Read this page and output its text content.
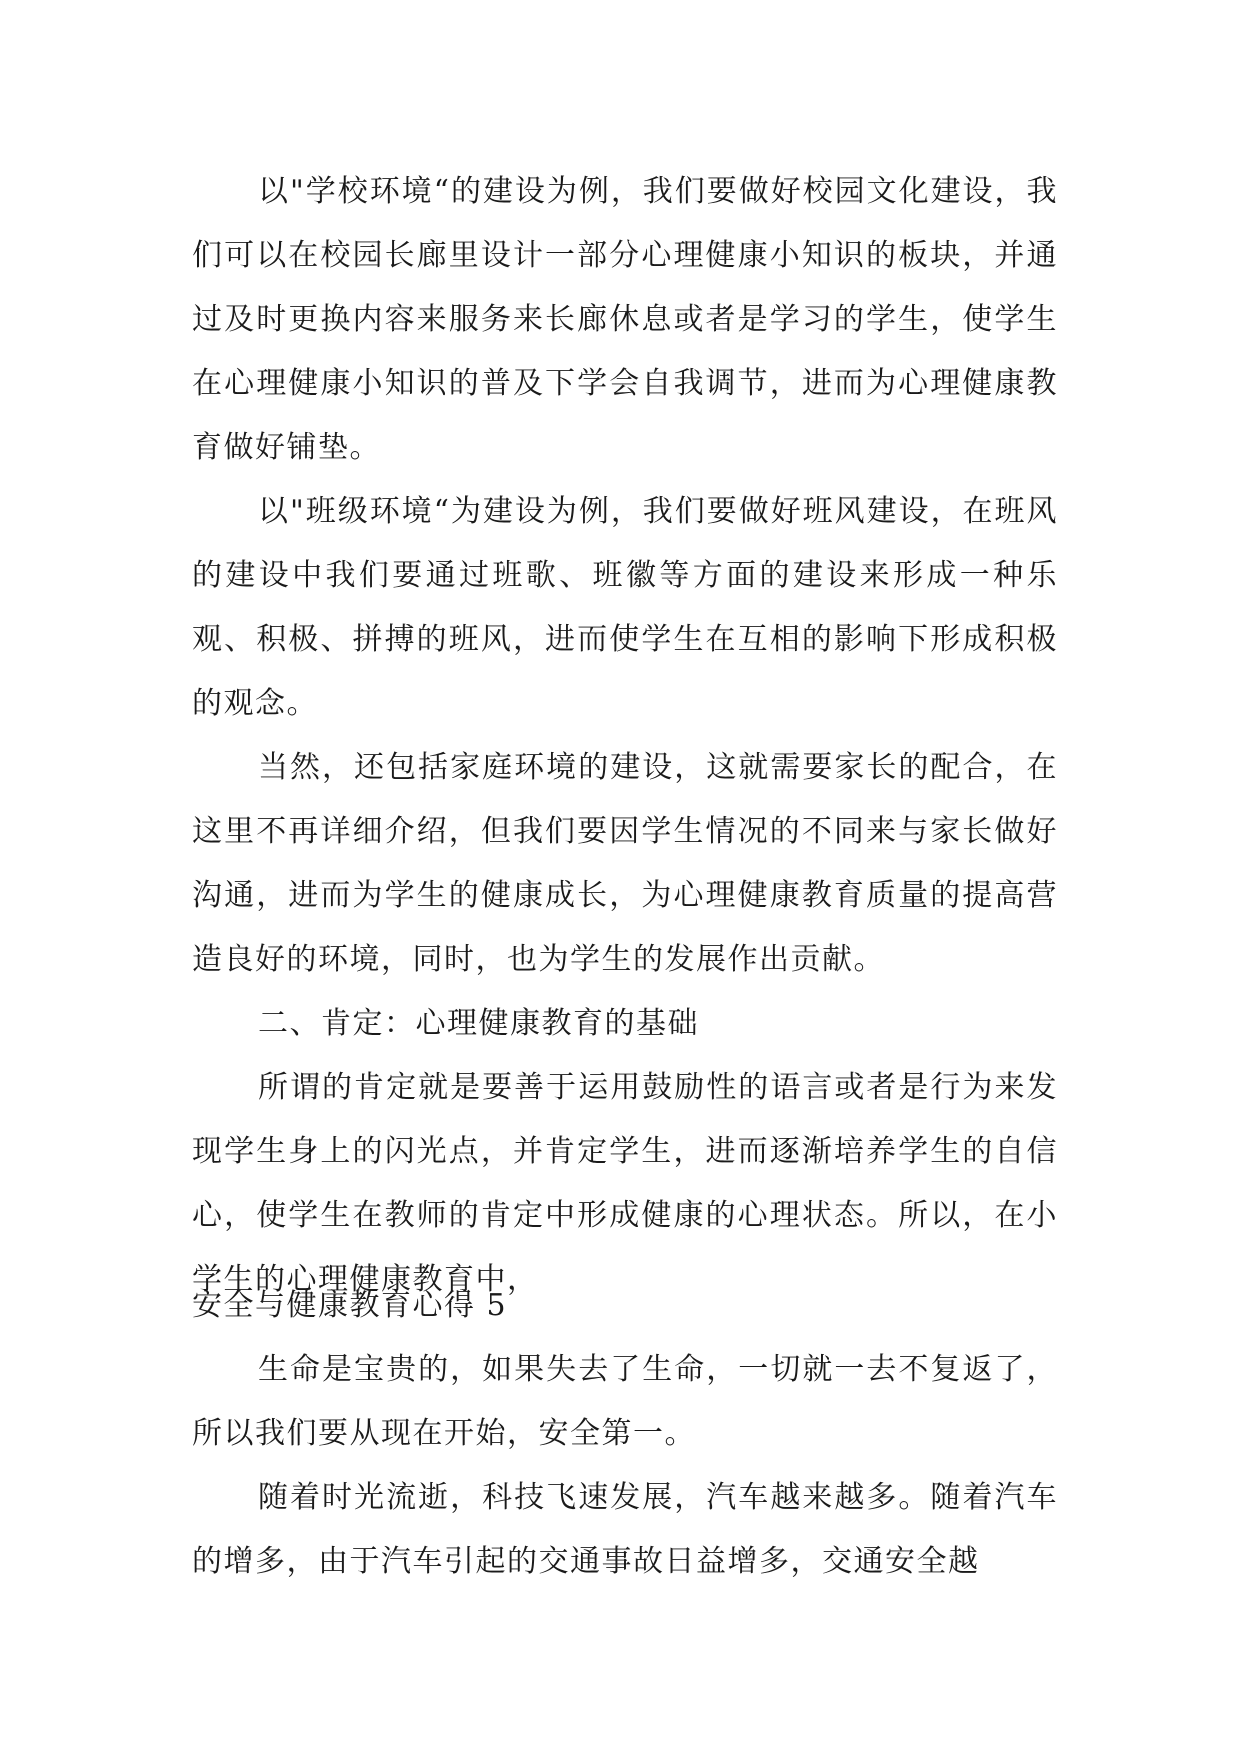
以"学校环境“的建设为例，我们要做好校园文化建设，我们可以在校园长廊里设计一部分心理健康小知识的板块，并通过及时更换内容来服务来长廊休息或者是学习的学生，使学生在心理健康小知识的普及下学会自我调节，进而为心理健康教育做好铺垫。

以"班级环境“为建设为例，我们要做好班风建设，在班风的建设中我们要通过班歌、班徽等方面的建设来形成一种乐观、积极、拼搏的班风，进而使学生在互相的影响下形成积极的观念。

当然，还包括家庭环境的建设，这就需要家长的配合，在这里不再详细介绍，但我们要因学生情况的不同来与家长做好沟通，进而为学生的健康成长，为心理健康教育质量的提高营造良好的环境，同时，也为学生的发展作出贡献。

二、肯定：心理健康教育的基础

所谓的肯定就是要善于运用鼓励性的语言或者是行为来发现学生身上的闪光点，并肯定学生，进而逐渐培养学生的自信心，使学生在教师的肯定中形成健康的心理状态。所以，在小学生的心理健康教育中，

安全与健康教育心得 5

生命是宝贵的，如果失去了生命，一切就一去不复返了，所以我们要从现在开始，安全第一。

随着时光流逝，科技飞速发展，汽车越来越多。随着汽车的增多，由于汽车引起的交通事故日益增多，交通安全越
